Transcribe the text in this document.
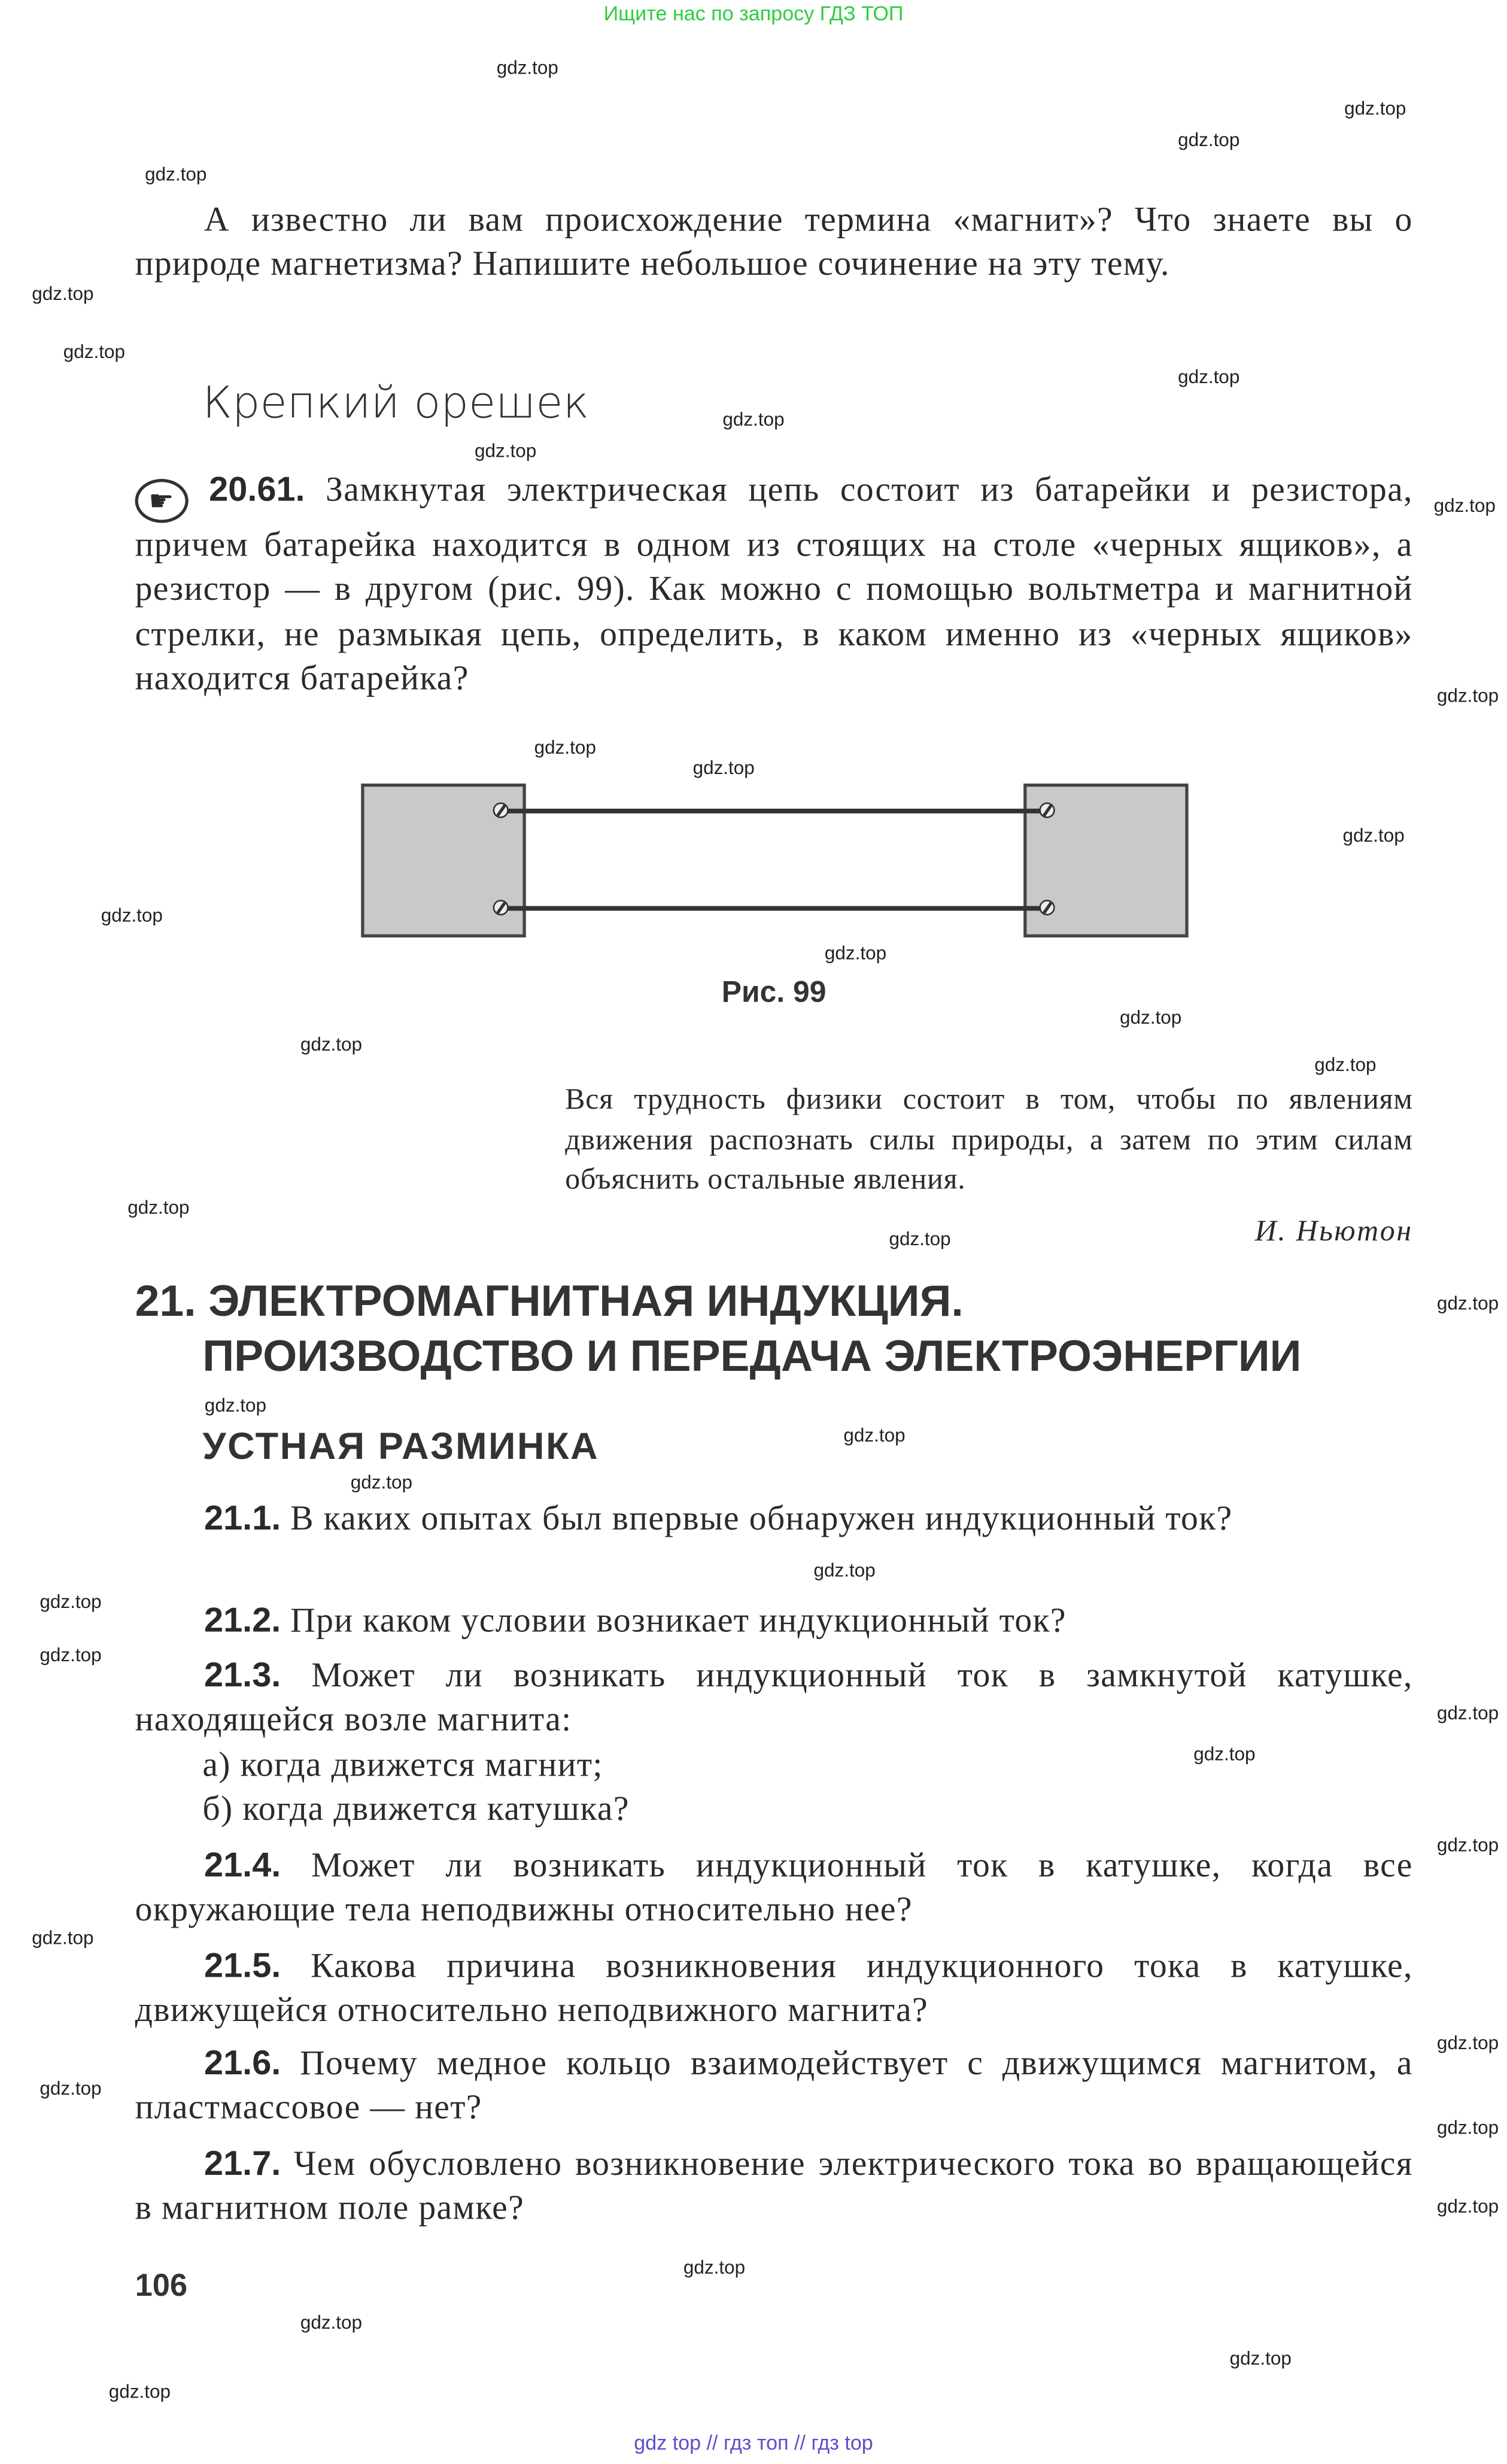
Ищите нас по запросу ГДЗ ТОП
А известно ли вам происхождение термина «магнит»? Что знаете вы о природе магнетизма? Напишите небольшое сочинение на эту тему.
Крепкий орешек
☛	20.61. Замкнутая электрическая цепь состоит из батарейки и резистора, причем батарейка находится в одном из стоящих на столе «черных ящиков», а резистор — в другом (рис. 99). Как можно с помощью вольтметра и магнитной стрелки, не размыкая цепь, определить, в каком именно из «черных ящиков» находится батарейка?
Рис. 99
Вся трудность физики состоит в том, чтобы по явлениям движения распознать силы природы, а затем по этим силам объяснить остальные явления.
И. Ньютон
21. ЭЛЕКТРОМАГНИТНАЯ ИНДУКЦИЯ.
ПРОИЗВОДСТВО И ПЕРЕДАЧА ЭЛЕКТРОЭНЕРГИИ
УСТНАЯ РАЗМИНКА
21.1. В каких опытах был впервые обнаружен индукционный ток?
21.2. При каком условии возникает индукционный ток?
21.3. Может ли возникать индукционный ток в замкнутой катушке, находящейся возле магнита:
а) когда движется магнит;
б) когда движется катушка?
21.4. Может ли возникать индукционный ток в катушке, когда все окружающие тела неподвижны относительно нее?
21.5. Какова причина возникновения индукционного тока в катушке, движущейся относительно неподвижного магнита?
21.6. Почему медное кольцо взаимодействует с движущимся магнитом, а пластмассовое — нет?
21.7. Чем обусловлено возникновение электрического тока во вращающейся в магнитном поле рамке?
106
gdz top // гдз топ // гдз top
gdz.top
gdz.top
gdz.top
gdz.top
gdz.top
gdz.top
gdz.top
gdz.top
gdz.top
gdz.top
gdz.top
gdz.top
gdz.top
gdz.top
gdz.top
gdz.top
gdz.top
gdz.top
gdz.top
gdz.top
gdz.top
gdz.top
gdz.top
gdz.top
gdz.top
gdz.top
gdz.top
gdz.top
gdz.top
gdz.top
gdz.top
gdz.top
gdz.top
gdz.top
gdz.top
gdz.top
gdz.top
gdz.top
gdz.top
gdz.top
